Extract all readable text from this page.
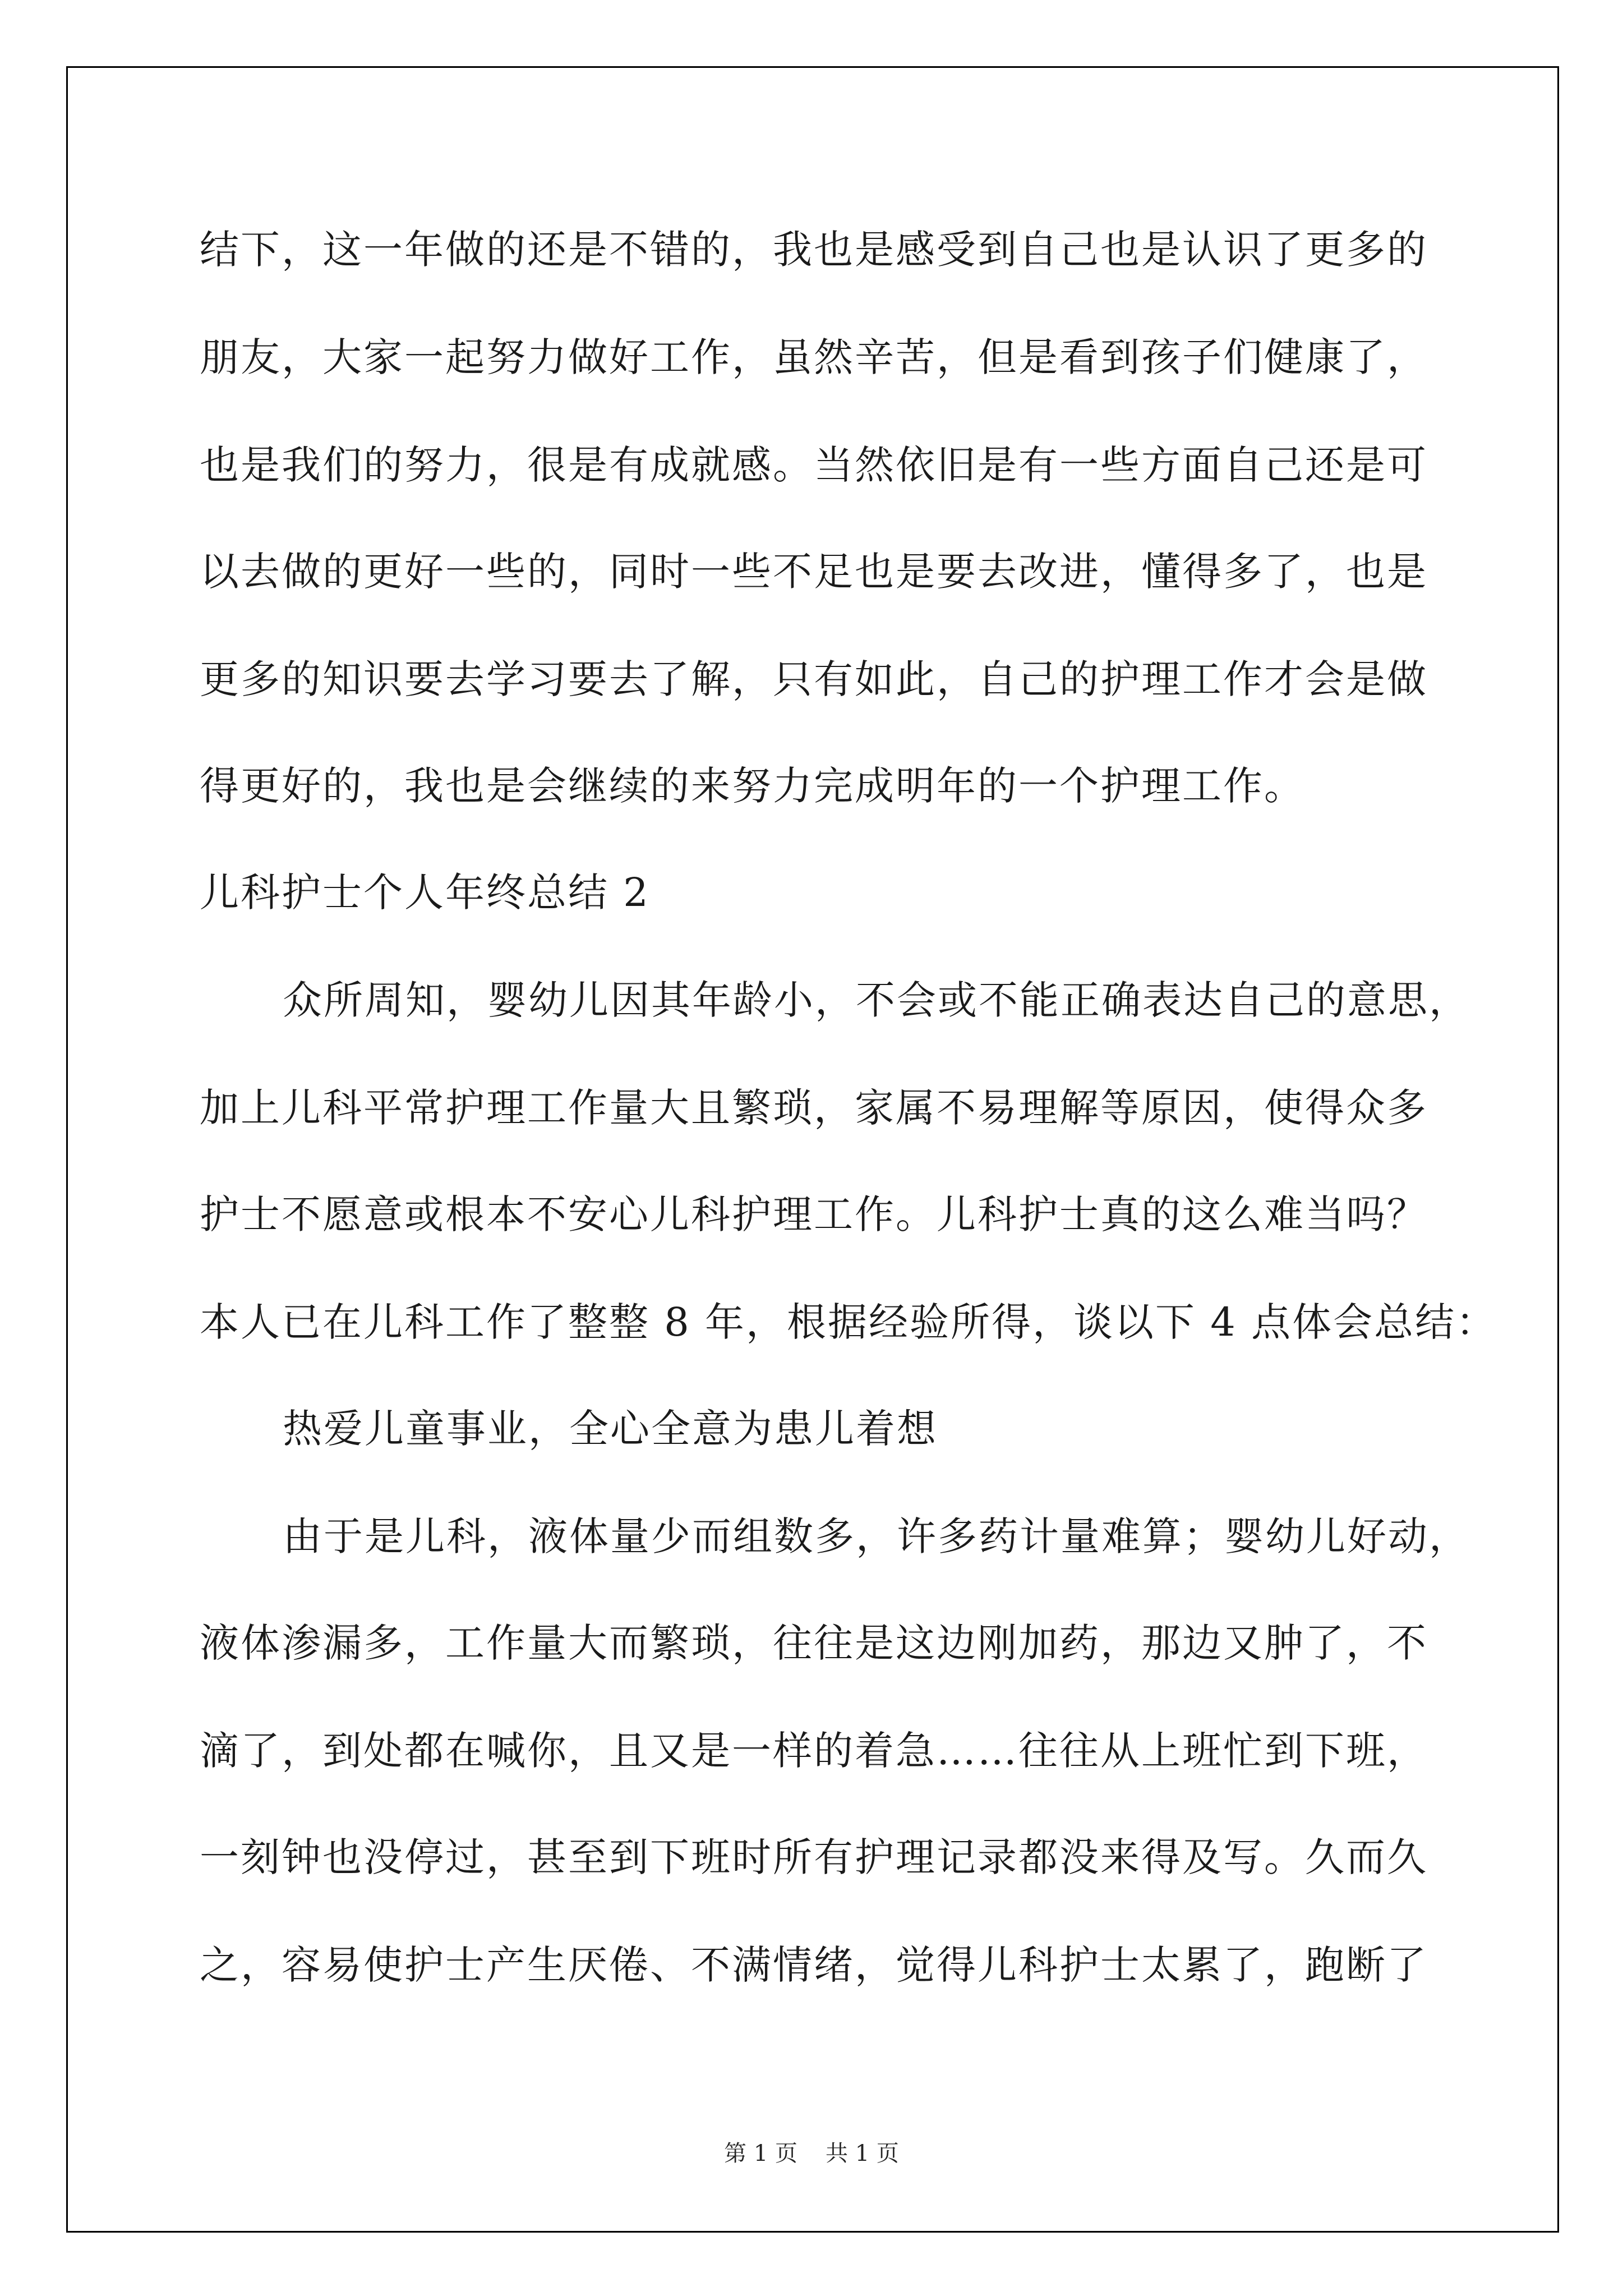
结下，这一年做的还是不错的，我也是感受到自己也是认识了更多的
朋友，大家一起努力做好工作，虽然辛苦，但是看到孩子们健康了，
也是我们的努力，很是有成就感。当然依旧是有一些方面自己还是可
以去做的更好一些的，同时一些不足也是要去改进，懂得多了，也是
更多的知识要去学习要去了解，只有如此，自己的护理工作才会是做
得更好的，我也是会继续的来努力完成明年的一个护理工作。
儿科护士个人年终总结 2
众所周知，婴幼儿因其年龄小，不会或不能正确表达自己的意思，
加上儿科平常护理工作量大且繁琐，家属不易理解等原因，使得众多
护士不愿意或根本不安心儿科护理工作。儿科护士真的这么难当吗？
本人已在儿科工作了整整 8 年，根据经验所得，谈以下 4 点体会总结：
热爱儿童事业，全心全意为患儿着想
由于是儿科，液体量少而组数多，许多药计量难算；婴幼儿好动，
液体渗漏多，工作量大而繁琐，往往是这边刚加药，那边又肿了，不
滴了，到处都在喊你，且又是一样的着急……往往从上班忙到下班，
一刻钟也没停过，甚至到下班时所有护理记录都没来得及写。久而久
之，容易使护士产生厌倦、不满情绪，觉得儿科护士太累了，跑断了
第 1 页 共 1 页
